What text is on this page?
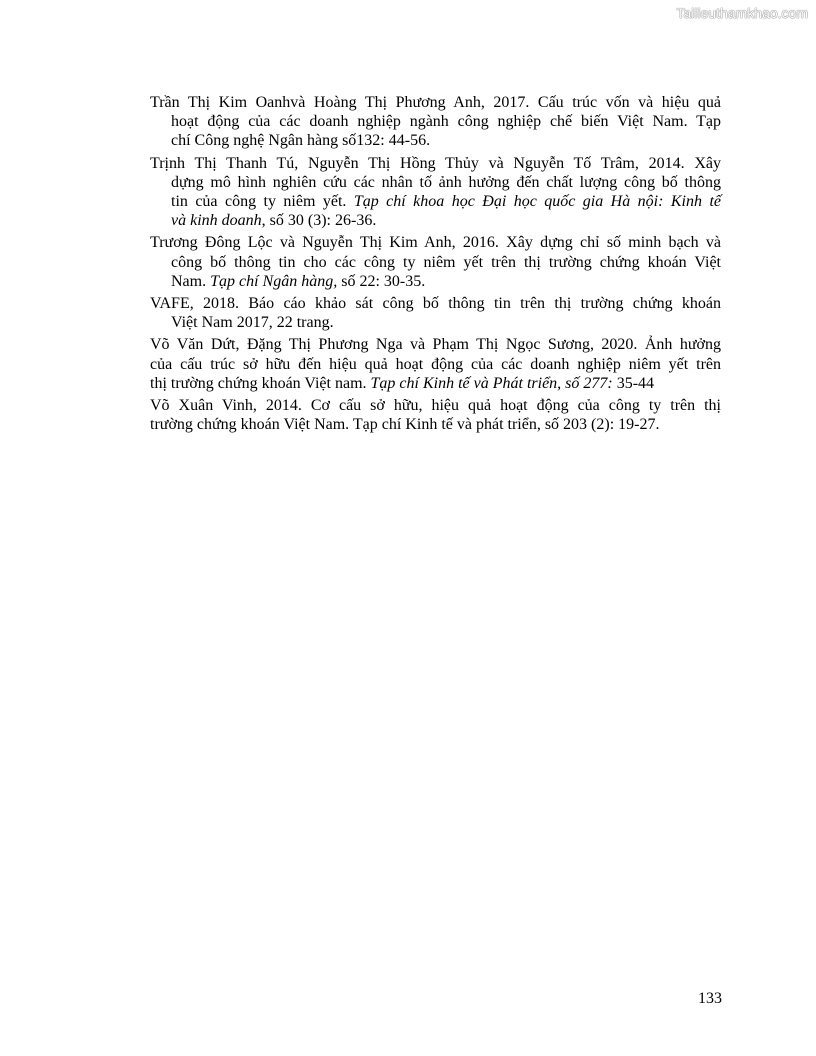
Tailieuthamkhao.com
Trần Thị Kim Oanhvà Hoàng Thị Phương Anh, 2017. Cấu trúc vốn và hiệu quả
hoạt động của các doanh nghiệp ngành công nghiệp chế biến Việt Nam. Tạp
chí Công nghệ Ngân hàng số132: 44-56.
Trịnh Thị Thanh Tú, Nguyễn Thị Hồng Thủy và Nguyễn Tố Trâm, 2014. Xây
dựng mô hình nghiên cứu các nhân tố ảnh hưởng đến chất lượng công bố thông
tin của công ty niêm yết. Tạp chí khoa học Đại học quốc gia Hà nội: Kinh tế
và kinh doanh, số 30 (3): 26-36.
Trương Đông Lộc và Nguyễn Thị Kim Anh, 2016. Xây dựng chỉ số minh bạch và
công bố thông tin cho các công ty niêm yết trên thị trường chứng khoán Việt
Nam. Tạp chí Ngân hàng, số 22: 30-35.
VAFE, 2018. Báo cáo khảo sát công bố thông tin trên thị trường chứng khoán
Việt Nam 2017, 22 trang.
Võ Văn Dứt, Đặng Thị Phương Nga và Phạm Thị Ngọc Sương, 2020. Ảnh hưởng
của cấu trúc sở hữu đến hiệu quả hoạt động của các doanh nghiệp niêm yết trên
thị trường chứng khoán Việt nam. Tạp chí Kinh tế và Phát triển, số 277: 35-44
Võ Xuân Vinh, 2014. Cơ cấu sở hữu, hiệu quả hoạt động của công ty trên thị
trường chứng khoán Việt Nam. Tạp chí Kinh tế và phát triển, số 203 (2): 19-27.
133
